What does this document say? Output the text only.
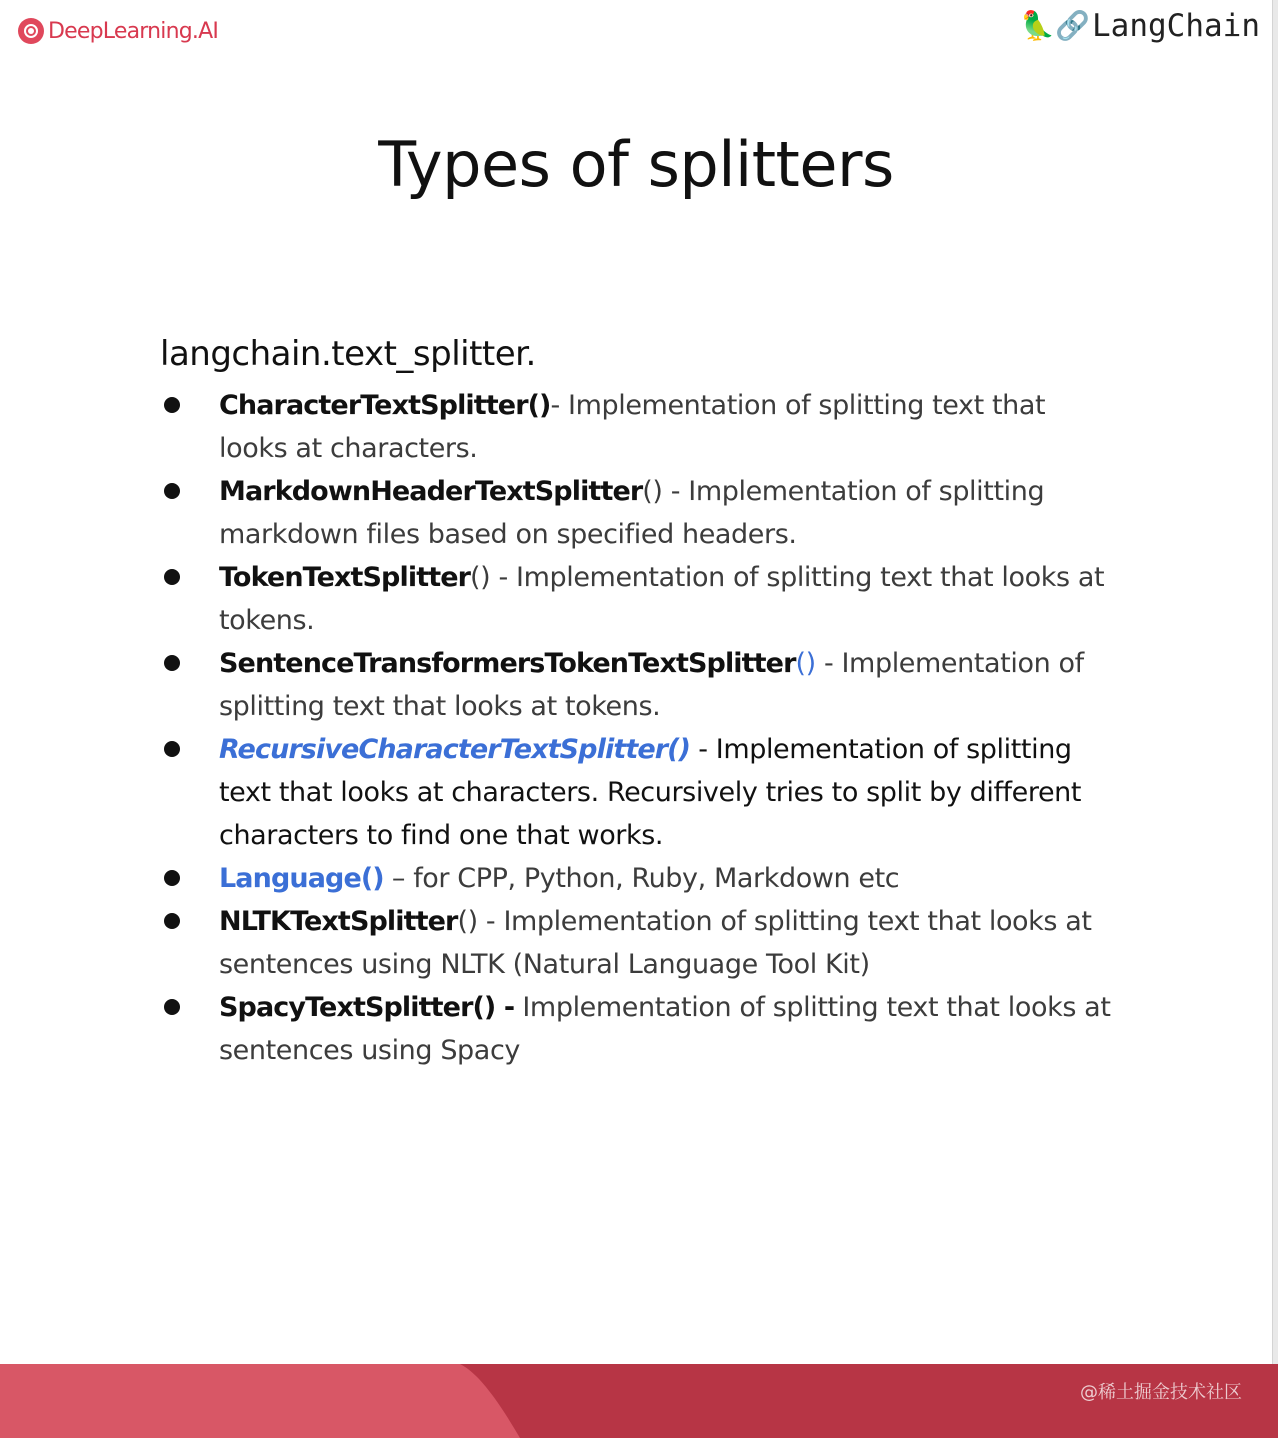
DeepLearning.AI	🦜🔗 LangChain
Types of splitters
langchain.text_splitter.
CharacterTextSplitter()- Implementation of splitting text that looks at characters.
MarkdownHeaderTextSplitter() - Implementation of splitting markdown files based on specified headers.
TokenTextSplitter() - Implementation of splitting text that looks at tokens.
SentenceTransformersTokenTextSplitter() - Implementation of splitting text that looks at tokens.
RecursiveCharacterTextSplitter() - Implementation of splitting text that looks at characters. Recursively tries to split by different characters to find one that works.
Language() – for CPP, Python, Ruby, Markdown etc
NLTKTextSplitter() - Implementation of splitting text that looks at sentences using NLTK (Natural Language Tool Kit)
SpacyTextSplitter() - Implementation of splitting text that looks at sentences using Spacy
@稀土掘金技术社区
